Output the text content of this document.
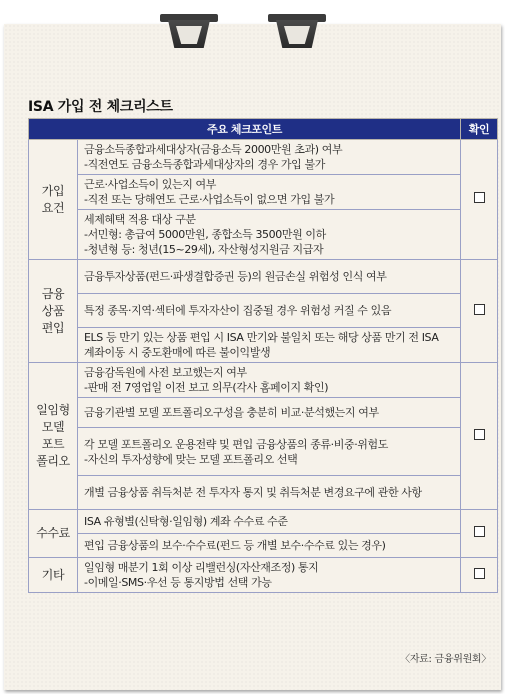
ISA 가입 전 체크리스트
주요 체크포인트		확인

가입
요건	금융소득종합과세대상자(금융소득 2000만원 초과) 여부
-직전연도 금융소득종합과세대상자의 경우 가입 불가	

	근로·사업소득이 있는지 여부
-직전 또는 당해연도 근로·사업소득이 없으면 가입 불가	

	세제혜택 적용 대상 구분
-서민형: 총급여 5000만원, 종합소득 3500만원 이하
-청년형 등: 청년(15~29세), 자산형성지원금 지급자	

금융
상품
편입	금융투자상품(펀드·파생결합증권 등)의 원금손실 위험성 인식 여부	

	특정 종목·지역·섹터에 투자자산이 집중될 경우 위험성 커질 수 있음	

	ELS 등 만기 있는 상품 편입 시 ISA 만기와 불일치 또는 해당 상품 만기 전 ISA 계좌이동 시 중도환매에 따른 불이익발생	

일임형
모델
포트
폴리오	금융감독원에 사전 보고했는지 여부
-판매 전 7영업일 이전 보고 의무(각사 홈페이지 확인)	

	금융기관별 모델 포트폴리오구성을 충분히 비교·분석했는지 여부	

	각 모델 포트폴리오 운용전략 및 편입 금융상품의 종류·비중·위험도
-자신의 투자성향에 맞는 모델 포트폴리오 선택	

	개별 금융상품 취득처분 전 투자자 통지 및 취득처분 변경요구에 관한 사항	

수수료	ISA 유형별(신탁형·일임형) 계좌 수수료 수준	

	편입 금융상품의 보수·수수료(펀드 등 개별 보수·수수료 있는 경우)	

기타	일임형 매분기 1회 이상 리밸런싱(자산재조정) 통지
-이메일·SMS·우선 등 통지방법 선택 가능	

〈자료: 금융위원회〉
